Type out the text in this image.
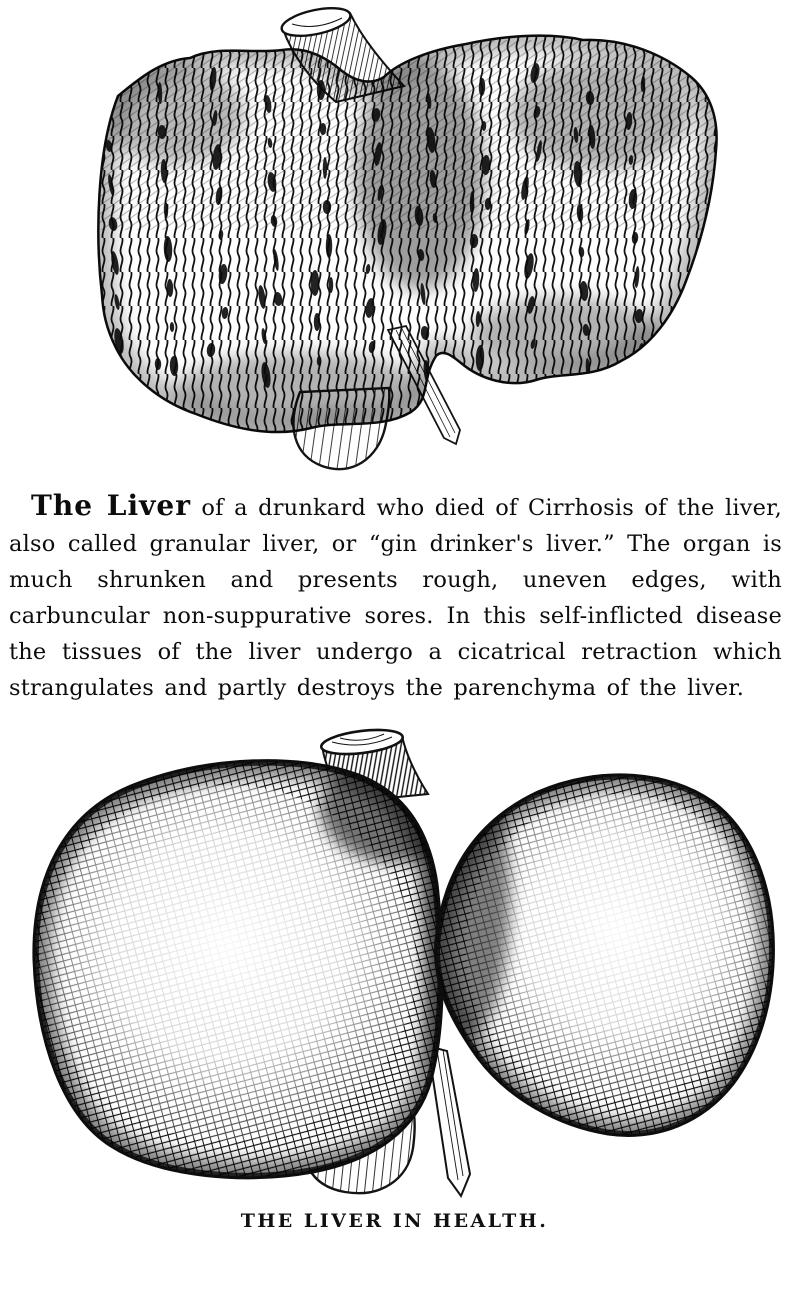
The Liver of a drunkard who died of Cirrhosis of the liver, also called granular liver, or “gin drinker's liver.” The organ is much shrunken and presents rough, uneven edges, with carbuncular non-suppurative sores. In this self-inflicted disease the tissues of the liver undergo a cicatrical retraction which strangulates and partly destroys the parenchyma of the liver.

THE LIVER IN HEALTH.
